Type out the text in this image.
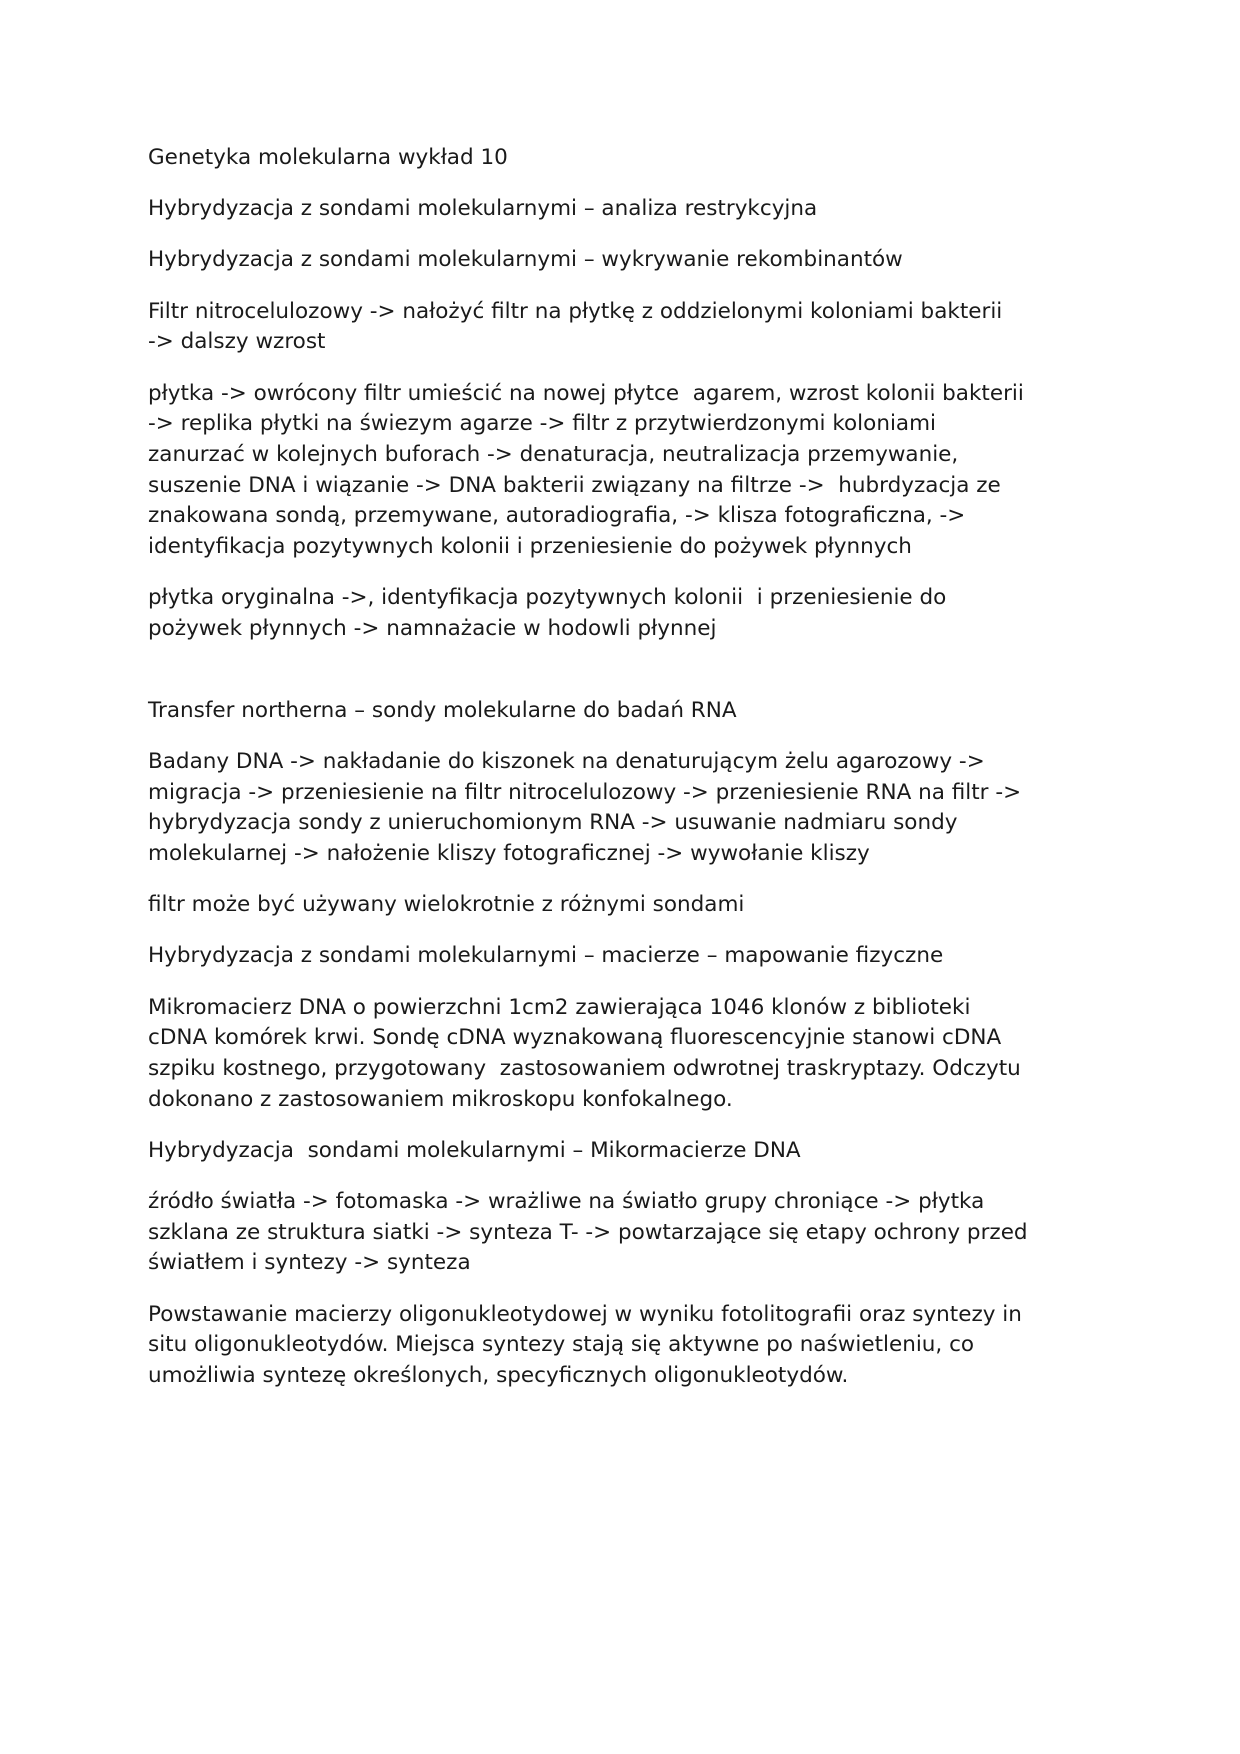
Genetyka molekularna wykład 10

Hybrydyzacja z sondami molekularnymi – analiza restrykcyjna

Hybrydyzacja z sondami molekularnymi – wykrywanie rekombinantów

Filtr nitrocelulozowy -> nałożyć filtr na płytkę z oddzielonymi koloniami bakterii
-> dalszy wzrost

płytka -> owrócony filtr umieścić na nowej płytce  agarem, wzrost kolonii bakterii
-> replika płytki na świezym agarze -> filtr z przytwierdzonymi koloniami
zanurzać w kolejnych buforach -> denaturacja, neutralizacja przemywanie,
suszenie DNA i wiązanie -> DNA bakterii związany na filtrze ->  hubrdyzacja ze
znakowana sondą, przemywane, autoradiografia, -> klisza fotograficzna, ->
identyfikacja pozytywnych kolonii i przeniesienie do pożywek płynnych

płytka oryginalna ->, identyfikacja pozytywnych kolonii  i przeniesienie do
pożywek płynnych -> namnażacie w hodowli płynnej

Transfer northerna – sondy molekularne do badań RNA

Badany DNA -> nakładanie do kiszonek na denaturującym żelu agarozowy ->
migracja -> przeniesienie na filtr nitrocelulozowy -> przeniesienie RNA na filtr ->
hybrydyzacja sondy z unieruchomionym RNA -> usuwanie nadmiaru sondy
molekularnej -> nałożenie kliszy fotograficznej -> wywołanie kliszy

filtr może być używany wielokrotnie z różnymi sondami

Hybrydyzacja z sondami molekularnymi – macierze – mapowanie fizyczne

Mikromacierz DNA o powierzchni 1cm2 zawierająca 1046 klonów z biblioteki
cDNA komórek krwi. Sondę cDNA wyznakowaną fluorescencyjnie stanowi cDNA
szpiku kostnego, przygotowany  zastosowaniem odwrotnej traskryptazy. Odczytu
dokonano z zastosowaniem mikroskopu konfokalnego.

Hybrydyzacja  sondami molekularnymi – Mikormacierze DNA

źródło światła -> fotomaska -> wrażliwe na światło grupy chroniące -> płytka
szklana ze struktura siatki -> synteza T- -> powtarzające się etapy ochrony przed
światłem i syntezy -> synteza

Powstawanie macierzy oligonukleotydowej w wyniku fotolitografii oraz syntezy in
situ oligonukleotydów. Miejsca syntezy stają się aktywne po naświetleniu, co
umożliwia syntezę określonych, specyficznych oligonukleotydów.
